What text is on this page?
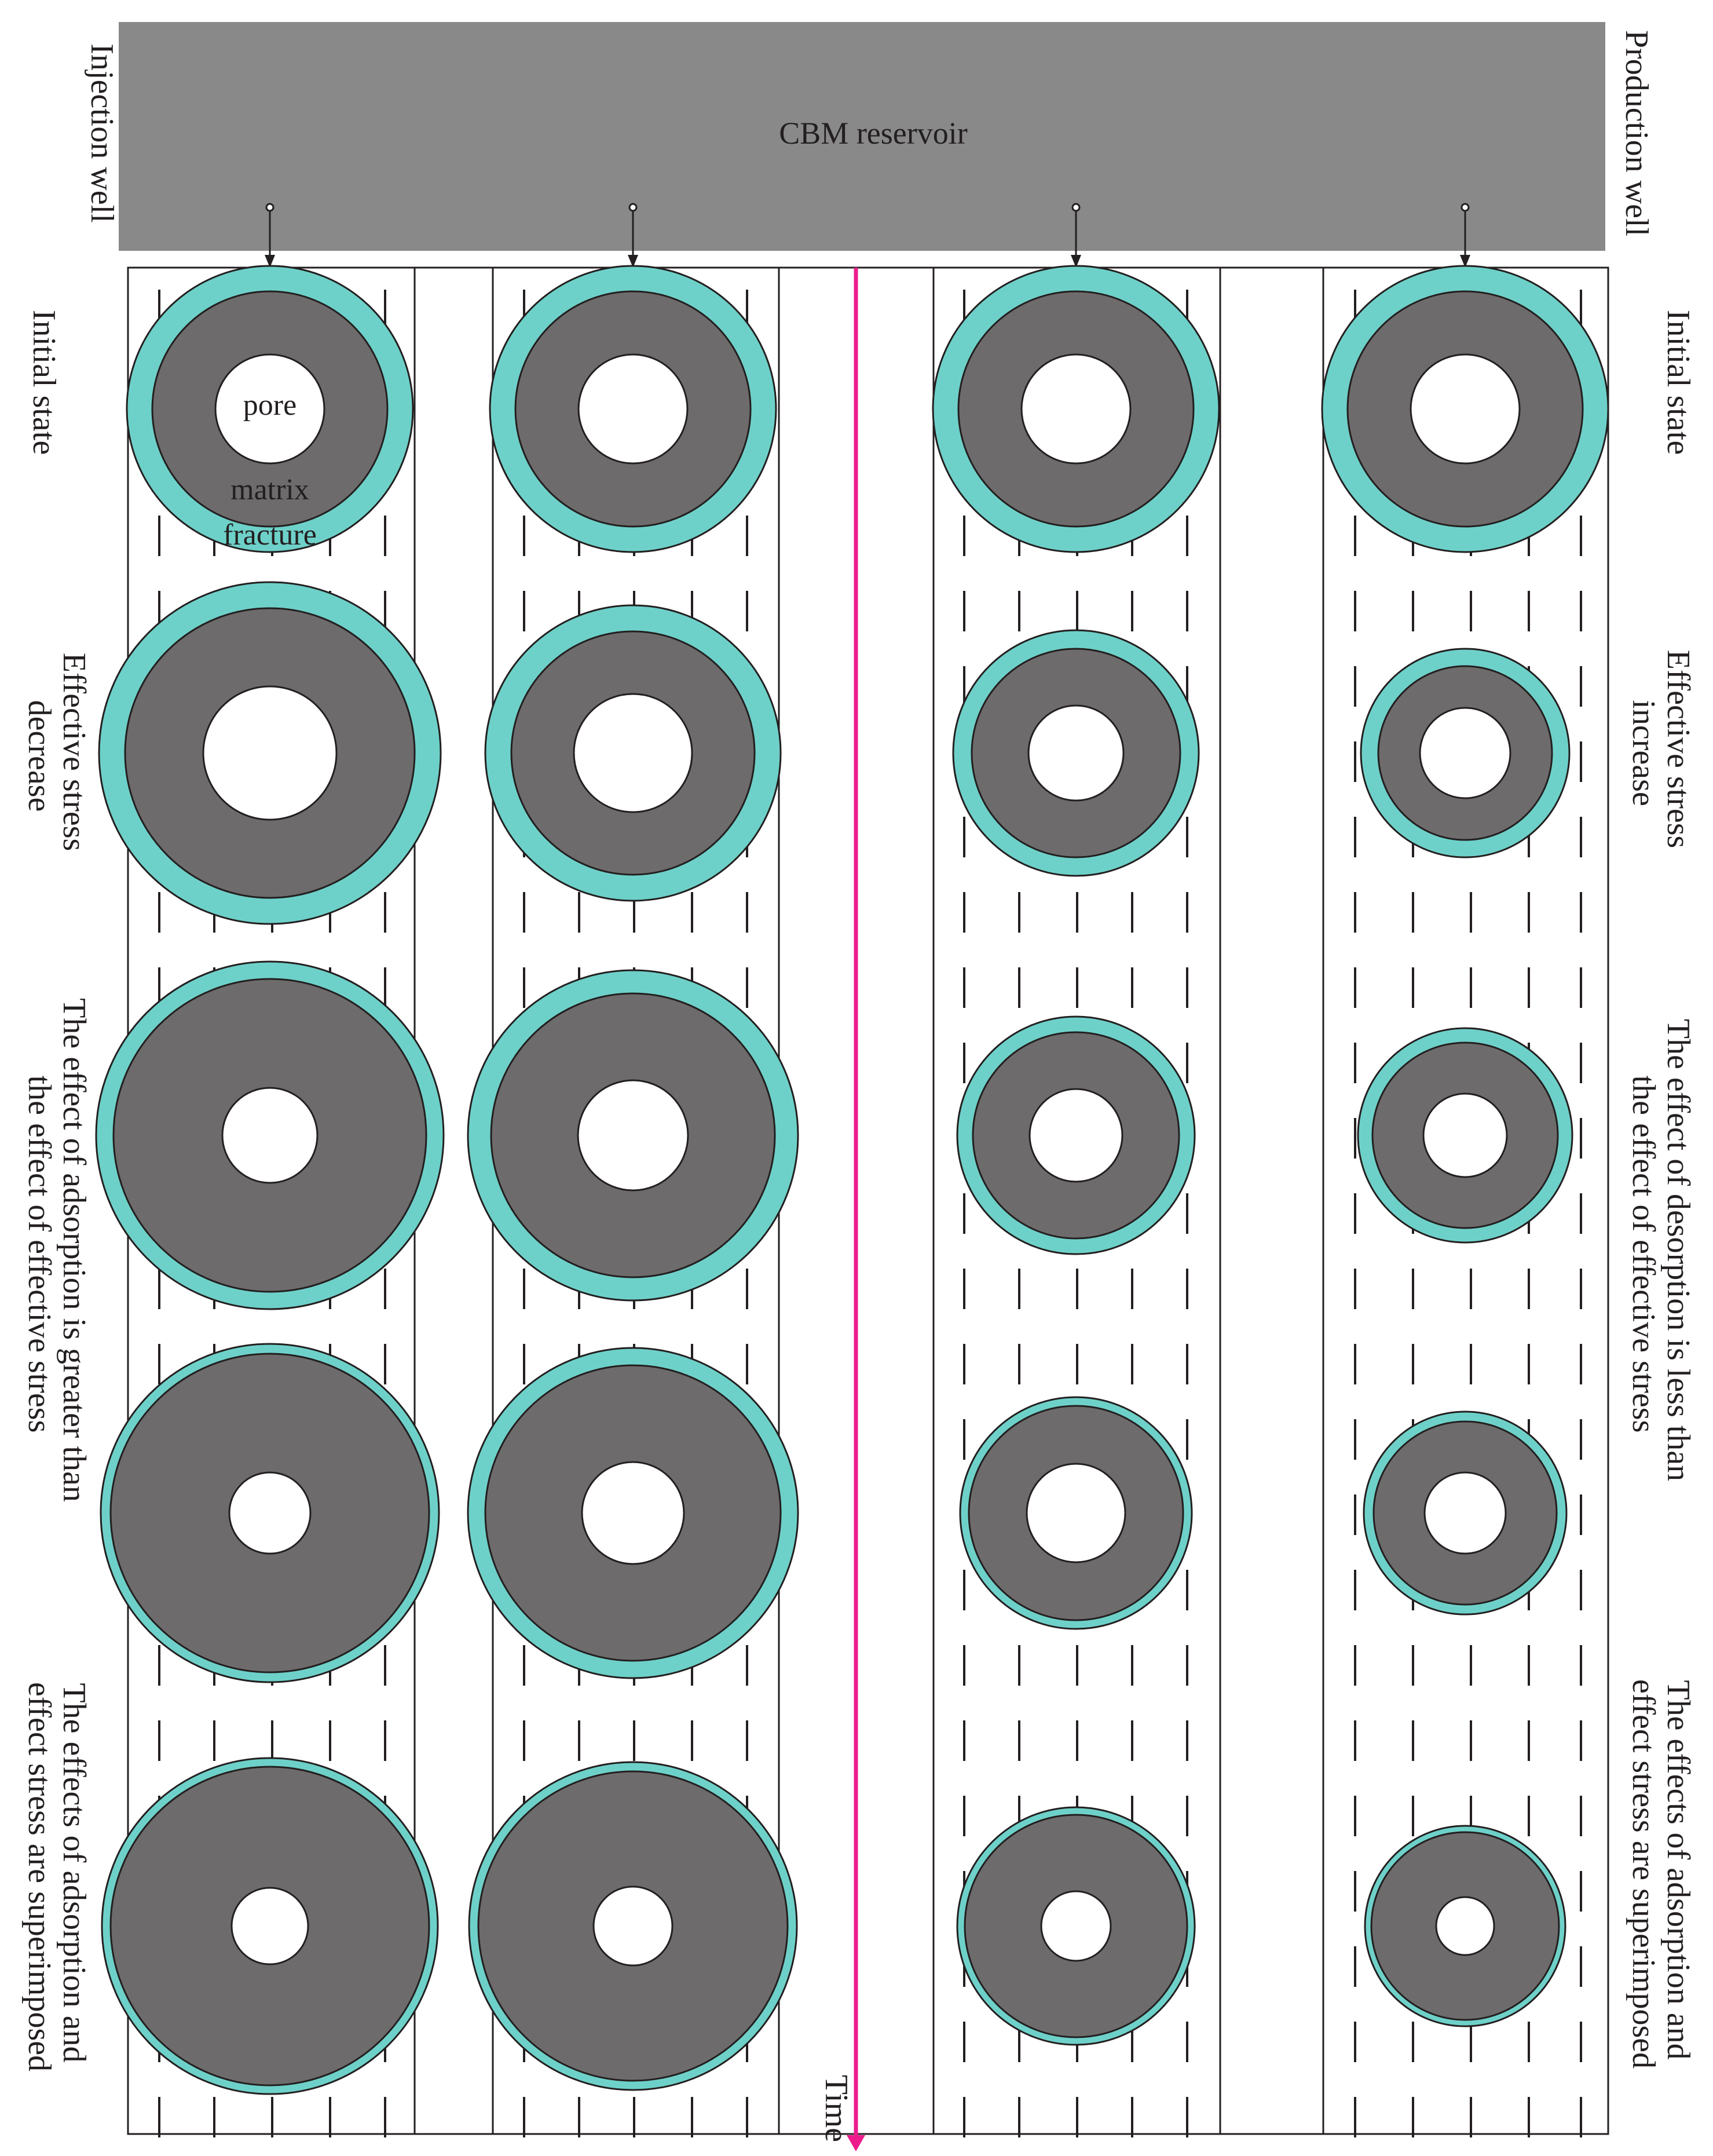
CBM reservoir
Time
pore
matrix
fracture
Injection well	Production well
Initial state
Effective stress decrease
The effect of adsorption is greater than the effect of effective stress
The effects of adsorption and effect stress are superimposed
Initial state
Effective stress increase
The effect of desorption is less than the effect of effective stress
The effects of adsorption and effect stress are superimposed
